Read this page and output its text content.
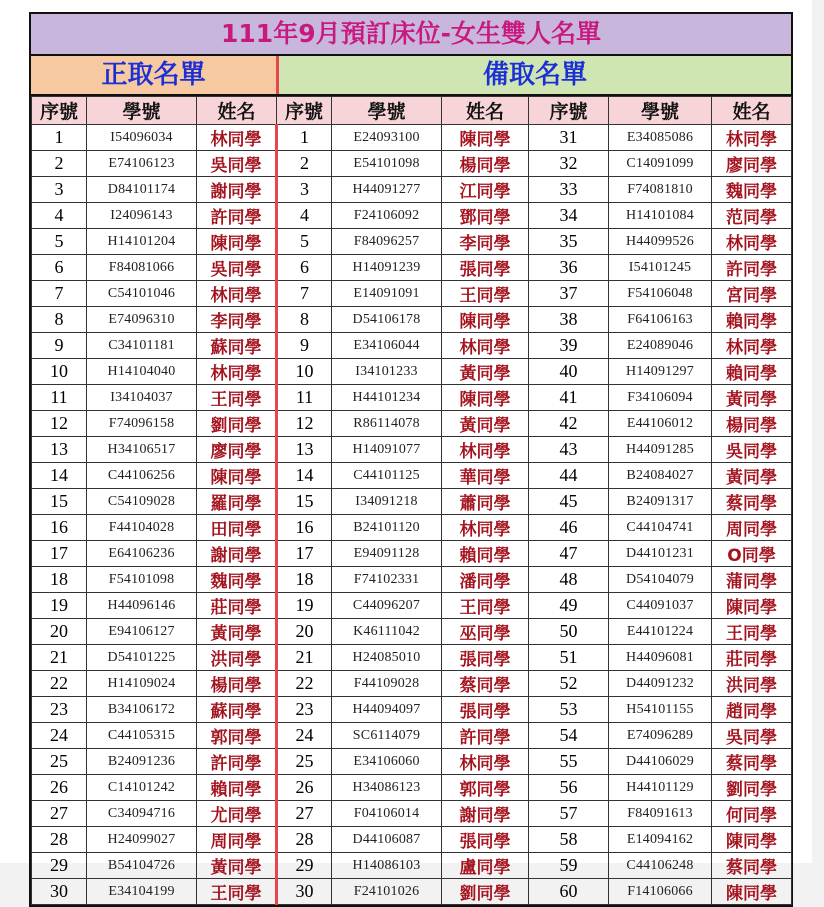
111年9月預訂床位-女生雙人名單
正取名單	備取名單
序號	學號	姓名	序號	學號	姓名	序號	學號	姓名
1	I54096034	林同學	1	E24093100	陳同學	31	E34085086	林同學
2	E74106123	吳同學	2	E54101098	楊同學	32	C14091099	廖同學
3	D84101174	謝同學	3	H44091277	江同學	33	F74081810	魏同學
4	I24096143	許同學	4	F24106092	鄧同學	34	H14101084	范同學
5	H14101204	陳同學	5	F84096257	李同學	35	H44099526	林同學
6	F84081066	吳同學	6	H14091239	張同學	36	I54101245	許同學
7	C54101046	林同學	7	E14091091	王同學	37	F54106048	宮同學
8	E74096310	李同學	8	D54106178	陳同學	38	F64106163	賴同學
9	C34101181	蘇同學	9	E34106044	林同學	39	E24089046	林同學
10	H14104040	林同學	10	I34101233	黃同學	40	H14091297	賴同學
11	I34104037	王同學	11	H44101234	陳同學	41	F34106094	黃同學
12	F74096158	劉同學	12	R86114078	黃同學	42	E44106012	楊同學
13	H34106517	廖同學	13	H14091077	林同學	43	H44091285	吳同學
14	C44106256	陳同學	14	C44101125	華同學	44	B24084027	黃同學
15	C54109028	羅同學	15	I34091218	蕭同學	45	B24091317	蔡同學
16	F44104028	田同學	16	B24101120	林同學	46	C44104741	周同學
17	E64106236	謝同學	17	E94091128	賴同學	47	D44101231	O同學
18	F54101098	魏同學	18	F74102331	潘同學	48	D54104079	蒲同學
19	H44096146	莊同學	19	C44096207	王同學	49	C44091037	陳同學
20	E94106127	黃同學	20	K46111042	巫同學	50	E44101224	王同學
21	D54101225	洪同學	21	H24085010	張同學	51	H44096081	莊同學
22	H14109024	楊同學	22	F44109028	蔡同學	52	D44091232	洪同學
23	B34106172	蘇同學	23	H44094097	張同學	53	H54101155	趙同學
24	C44105315	郭同學	24	SC6114079	許同學	54	E74096289	吳同學
25	B24091236	許同學	25	E34106060	林同學	55	D44106029	蔡同學
26	C14101242	賴同學	26	H34086123	郭同學	56	H44101129	劉同學
27	C34094716	尤同學	27	F04106014	謝同學	57	F84091613	何同學
28	H24099027	周同學	28	D44106087	張同學	58	E14094162	陳同學
29	B54104726	黃同學	29	H14086103	盧同學	59	C44106248	蔡同學
30	E34104199	王同學	30	F24101026	劉同學	60	F14106066	陳同學
